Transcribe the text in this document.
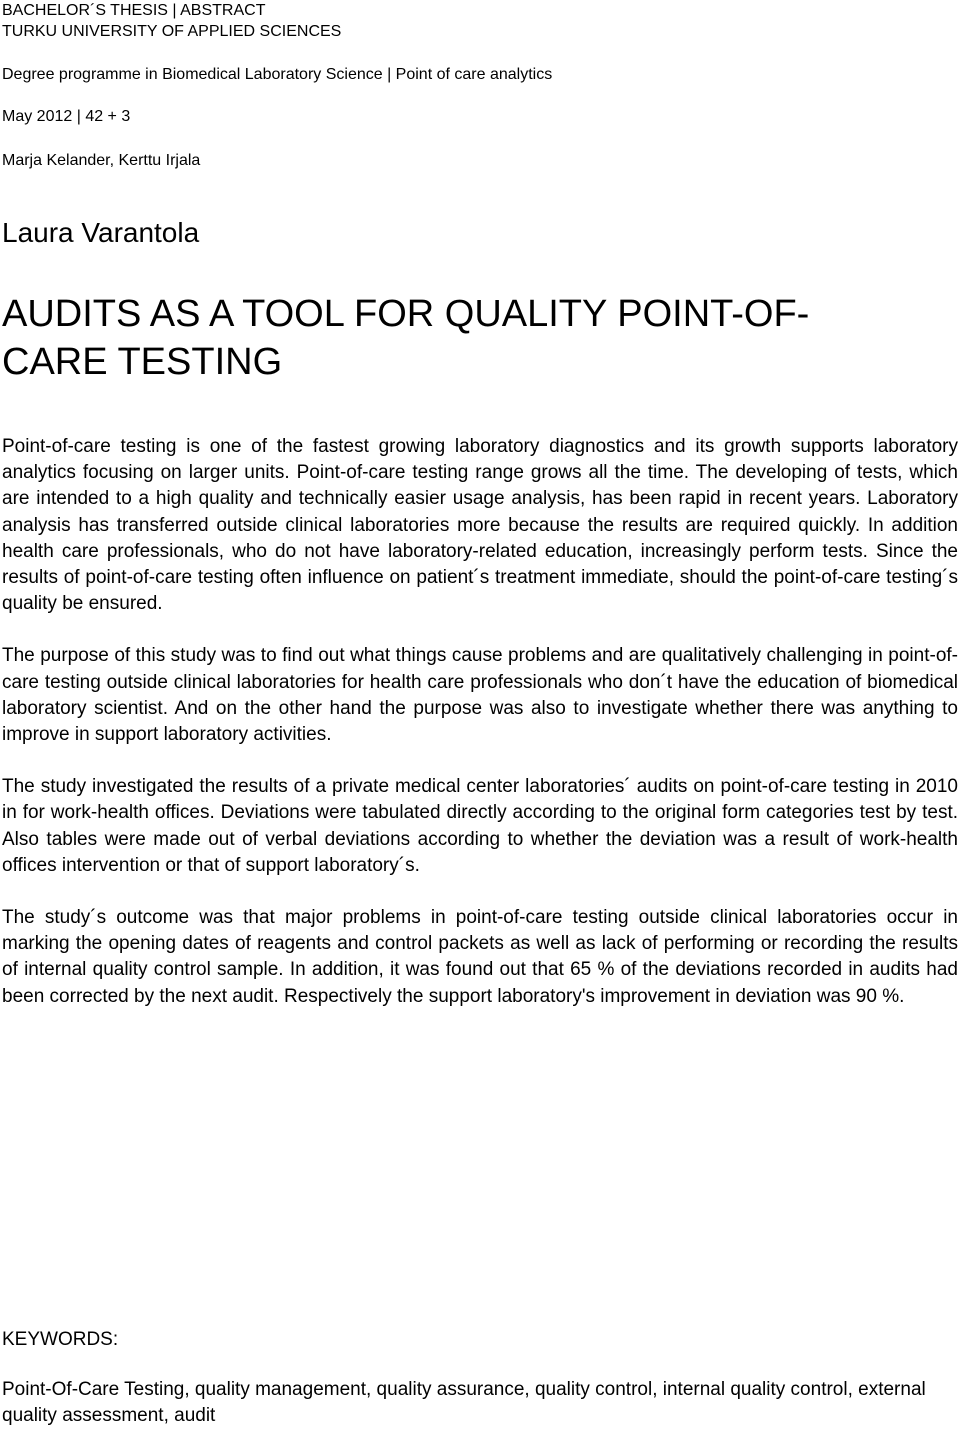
BACHELOR´S THESIS | ABSTRACT

TURKU UNIVERSITY OF APPLIED SCIENCES

Degree programme in Biomedical Laboratory Science | Point of care analytics

May 2012 | 42 + 3

Marja Kelander, Kerttu Irjala

Laura Varantola
AUDITS AS A TOOL FOR QUALITY POINT-OF-CARE TESTING

Point-of-care testing is one of the fastest growing laboratory diagnostics and its growth supports laboratory analytics focusing on larger units. Point-of-care testing range grows all the time. The developing of tests, which are intended to a high quality and technically easier usage analysis, has been rapid in recent years. Laboratory analysis has transferred outside clinical laboratories more because the results are required quickly. In addition health care professionals, who do not have laboratory-related education, increasingly perform tests. Since the results of point-of-care testing often influence on patient´s treatment immediate, should the point-of-care testing´s quality be ensured.

The purpose of this study was to find out what things cause problems and are qualitatively challenging in point-of-care testing outside clinical laboratories for health care professionals who don´t have the education of biomedical laboratory scientist. And on the other hand the purpose was also to investigate whether there was anything to improve in support laboratory activities.

The study investigated the results of a private medical center laboratories´ audits on point-of-care testing in 2010 in for work-health offices. Deviations were tabulated directly according to the original form categories test by test. Also tables were made out of verbal deviations according to whether the deviation was a result of work-health offices intervention or that of support laboratory´s.

The study´s outcome was that major problems in point-of-care testing outside clinical laboratories occur in marking the opening dates of reagents and control packets as well as lack of performing or recording the results of internal quality control sample. In addition, it was found out that 65 % of the deviations recorded in audits had been corrected by the next audit. Respectively the support laboratory's improvement in deviation was 90 %.

KEYWORDS:

Point-Of-Care Testing, quality management, quality assurance, quality control, internal quality control, external quality assessment, audit
